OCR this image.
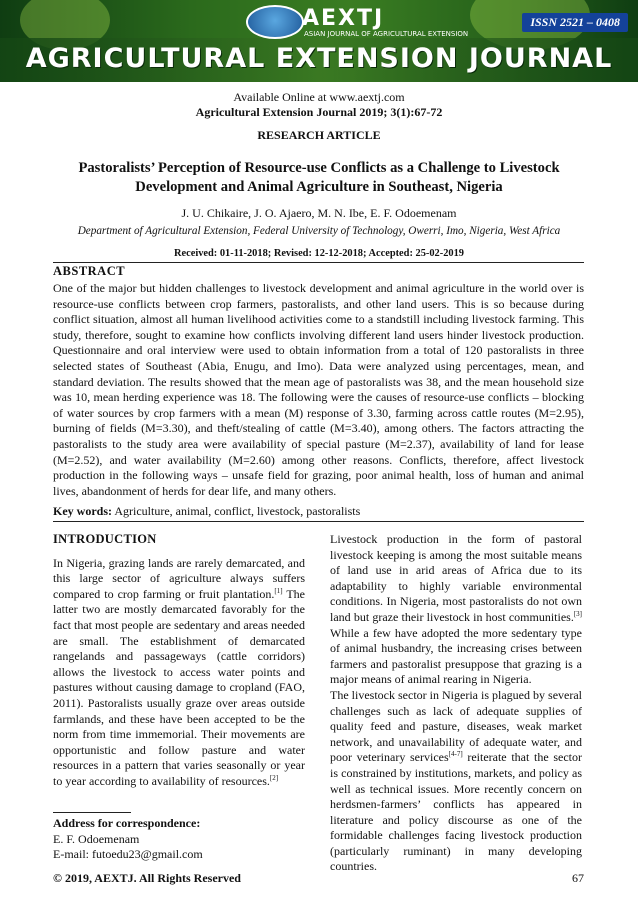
AEXTJ
ASIAN JOURNAL OF AGRICULTURAL EXTENSION
AGRICULTURAL EXTENSION JOURNAL
ISSN 2521 – 0408
Available Online at www.aextj.com
Agricultural Extension Journal 2019; 3(1):67-72
RESEARCH ARTICLE
Pastoralists’ Perception of Resource-use Conflicts as a Challenge to Livestock
Development and Animal Agriculture in Southeast, Nigeria
J. U. Chikaire, J. O. Ajaero, M. N. Ibe, E. F. Odoemenam
Department of Agricultural Extension, Federal University of Technology, Owerri, Imo, Nigeria, West Africa
Received: 01-11-2018; Revised: 12-12-2018; Accepted: 25-02-2019
ABSTRACT

One of the major but hidden challenges to livestock development and animal agriculture in the world over is resource-use conflicts between crop farmers, pastoralists, and other land users. This is so because during conflict situation, almost all human livelihood activities come to a standstill including livestock farming. This study, therefore, sought to examine how conflicts involving different land users hinder livestock production. Questionnaire and oral interview were used to obtain information from a total of 120 pastoralists in three selected states of Southeast (Abia, Enugu, and Imo). Data were analyzed using percentages, mean, and standard deviation. The results showed that the mean age of pastoralists was 38, and the mean household size was 10, mean herding experience was 18. The following were the causes of resource-use conflicts – blocking of water sources by crop farmers with a mean (M) response of 3.30, farming across cattle routes (M=2.95), burning of fields (M=3.30), and theft/stealing of cattle (M=3.40), among others. The factors attracting the pastoralists to the study area were availability of special pasture (M=2.37), availability of land for lease (M=2.52), and water availability (M=2.60) among other reasons. Conflicts, therefore, affect livestock production in the following ways – unsafe field for grazing, poor animal health, loss of human and animal lives, abandonment of herds for dear life, and many others.

Key words: Agriculture, animal, conflict, livestock, pastoralists

INTRODUCTION

In Nigeria, grazing lands are rarely demarcated, and this large sector of agriculture always suffers compared to crop farming or fruit plantation.[1] The latter two are mostly demarcated favorably for the fact that most people are sedentary and areas needed are small. The establishment of demarcated rangelands and passageways (cattle corridors) allows the livestock to access water points and pastures without causing damage to cropland (FAO, 2011). Pastoralists usually graze over areas outside farmlands, and these have been accepted to be the norm from time immemorial. Their movements are opportunistic and follow pasture and water resources in a pattern that varies seasonally or year to year according to availability of resources.[2]

Address for correspondence:
E. F. Odoemenam
E-mail: futoedu23@gmail.com

Livestock production in the form of pastoral livestock keeping is among the most suitable means of land use in arid areas of Africa due to its adaptability to highly variable environmental conditions. In Nigeria, most pastoralists do not own land but graze their livestock in host communities.[3] While a few have adopted the more sedentary type of animal husbandry, the increasing crises between farmers and pastoralist presuppose that grazing is a major means of animal rearing in Nigeria.

The livestock sector in Nigeria is plagued by several challenges such as lack of adequate supplies of quality feed and pasture, diseases, weak market network, and unavailability of adequate water, and poor veterinary services[4-7] reiterate that the sector is constrained by institutions, markets, and policy as well as technical issues. More recently concern on herdsmen-farmers’ conflicts has appeared in literature and policy discourse as one of the formidable challenges facing livestock production (particularly ruminant) in many developing countries.

© 2019, AEXTJ. All Rights Reserved	67
